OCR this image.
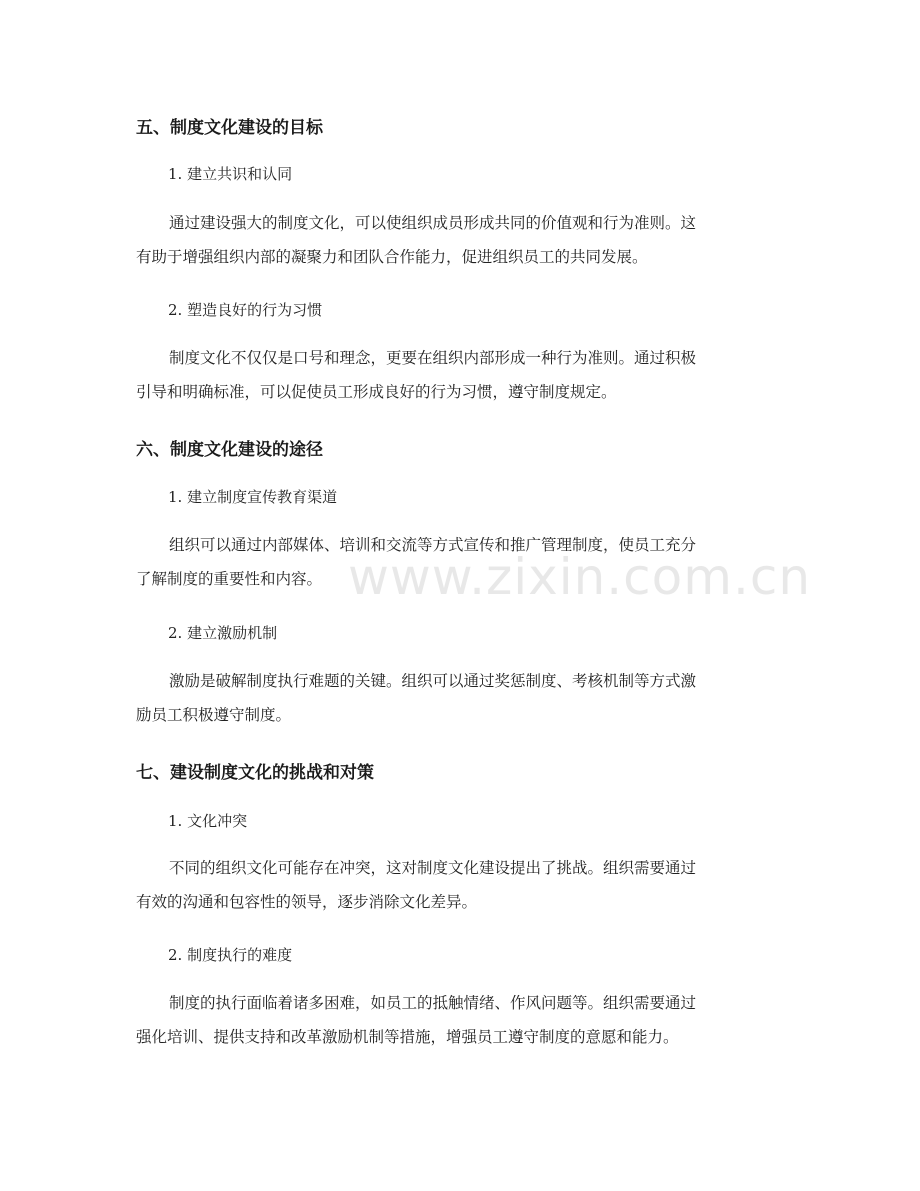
五、制度文化建设的目标
1. 建立共识和认同
通过建设强大的制度文化，可以使组织成员形成共同的价值观和行为准则。这
有助于增强组织内部的凝聚力和团队合作能力，促进组织员工的共同发展。
2. 塑造良好的行为习惯
制度文化不仅仅是口号和理念，更要在组织内部形成一种行为准则。通过积极
引导和明确标准，可以促使员工形成良好的行为习惯，遵守制度规定。
六、制度文化建设的途径
1. 建立制度宣传教育渠道
组织可以通过内部媒体、培训和交流等方式宣传和推广管理制度，使员工充分
了解制度的重要性和内容。
2. 建立激励机制
激励是破解制度执行难题的关键。组织可以通过奖惩制度、考核机制等方式激
励员工积极遵守制度。
七、建设制度文化的挑战和对策
1. 文化冲突
不同的组织文化可能存在冲突，这对制度文化建设提出了挑战。组织需要通过
有效的沟通和包容性的领导，逐步消除文化差异。
2. 制度执行的难度
制度的执行面临着诸多困难，如员工的抵触情绪、作风问题等。组织需要通过
强化培训、提供支持和改革激励机制等措施，增强员工遵守制度的意愿和能力。
www.zixin.com.cn
